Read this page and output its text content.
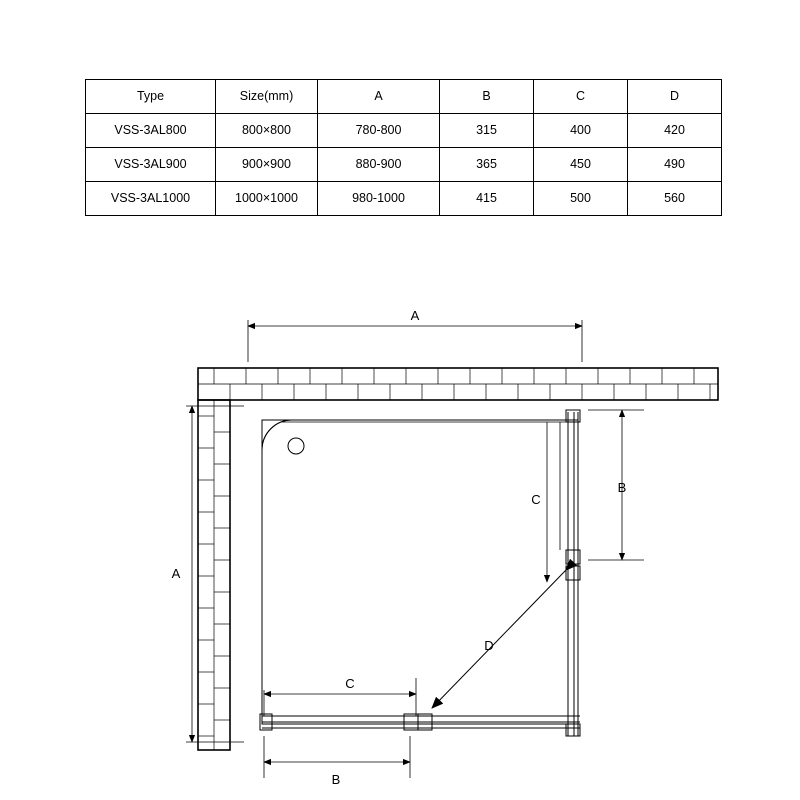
Type	Size(mm)	A	B	C	D
VSS-3AL800	800×800	780-800	315	400	420
VSS-3AL900	900×900	880-900	365	450	490
VSS-3AL1000	1000×1000	980-1000	415	500	560
A
A
B
B
C
C
D
